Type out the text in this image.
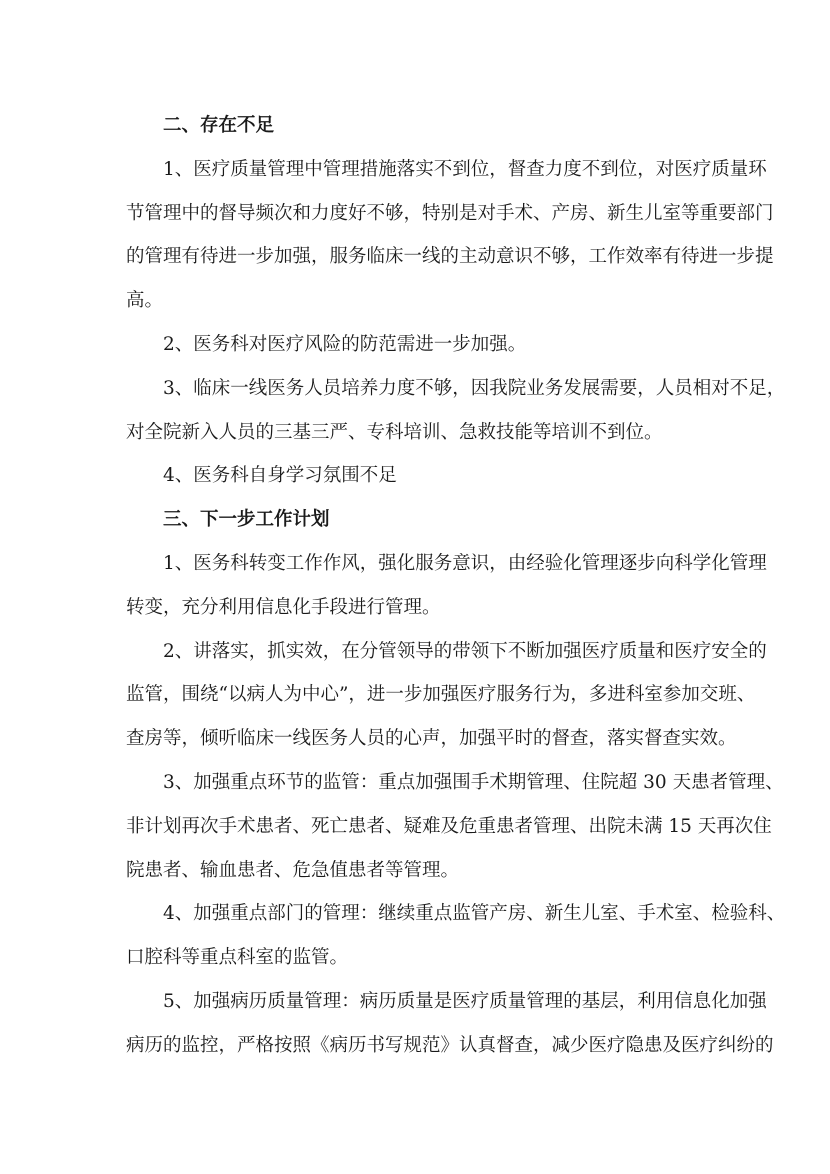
二、存在不足
1、医疗质量管理中管理措施落实不到位，督查力度不到位，对医疗质量环
节管理中的督导频次和力度好不够，特别是对手术、产房、新生儿室等重要部门
的管理有待进一步加强，服务临床一线的主动意识不够，工作效率有待进一步提
高。
2、医务科对医疗风险的防范需进一步加强。
3、临床一线医务人员培养力度不够，因我院业务发展需要，人员相对不足，
对全院新入人员的三基三严、专科培训、急救技能等培训不到位。
4、医务科自身学习氛围不足
三、下一步工作计划
1、医务科转变工作作风，强化服务意识，由经验化管理逐步向科学化管理
转变，充分利用信息化手段进行管理。
2、讲落实，抓实效，在分管领导的带领下不断加强医疗质量和医疗安全的
监管，围绕“以病人为中心”，进一步加强医疗服务行为，多进科室参加交班、
查房等，倾听临床一线医务人员的心声，加强平时的督查，落实督查实效。
3、加强重点环节的监管：重点加强围手术期管理、住院超 30 天患者管理、
非计划再次手术患者、死亡患者、疑难及危重患者管理、出院未满 15 天再次住
院患者、输血患者、危急值患者等管理。
4、加强重点部门的管理：继续重点监管产房、新生儿室、手术室、检验科、
口腔科等重点科室的监管。
5、加强病历质量管理：病历质量是医疗质量管理的基层，利用信息化加强
病历的监控，严格按照《病历书写规范》认真督查，减少医疗隐患及医疗纠纷的
